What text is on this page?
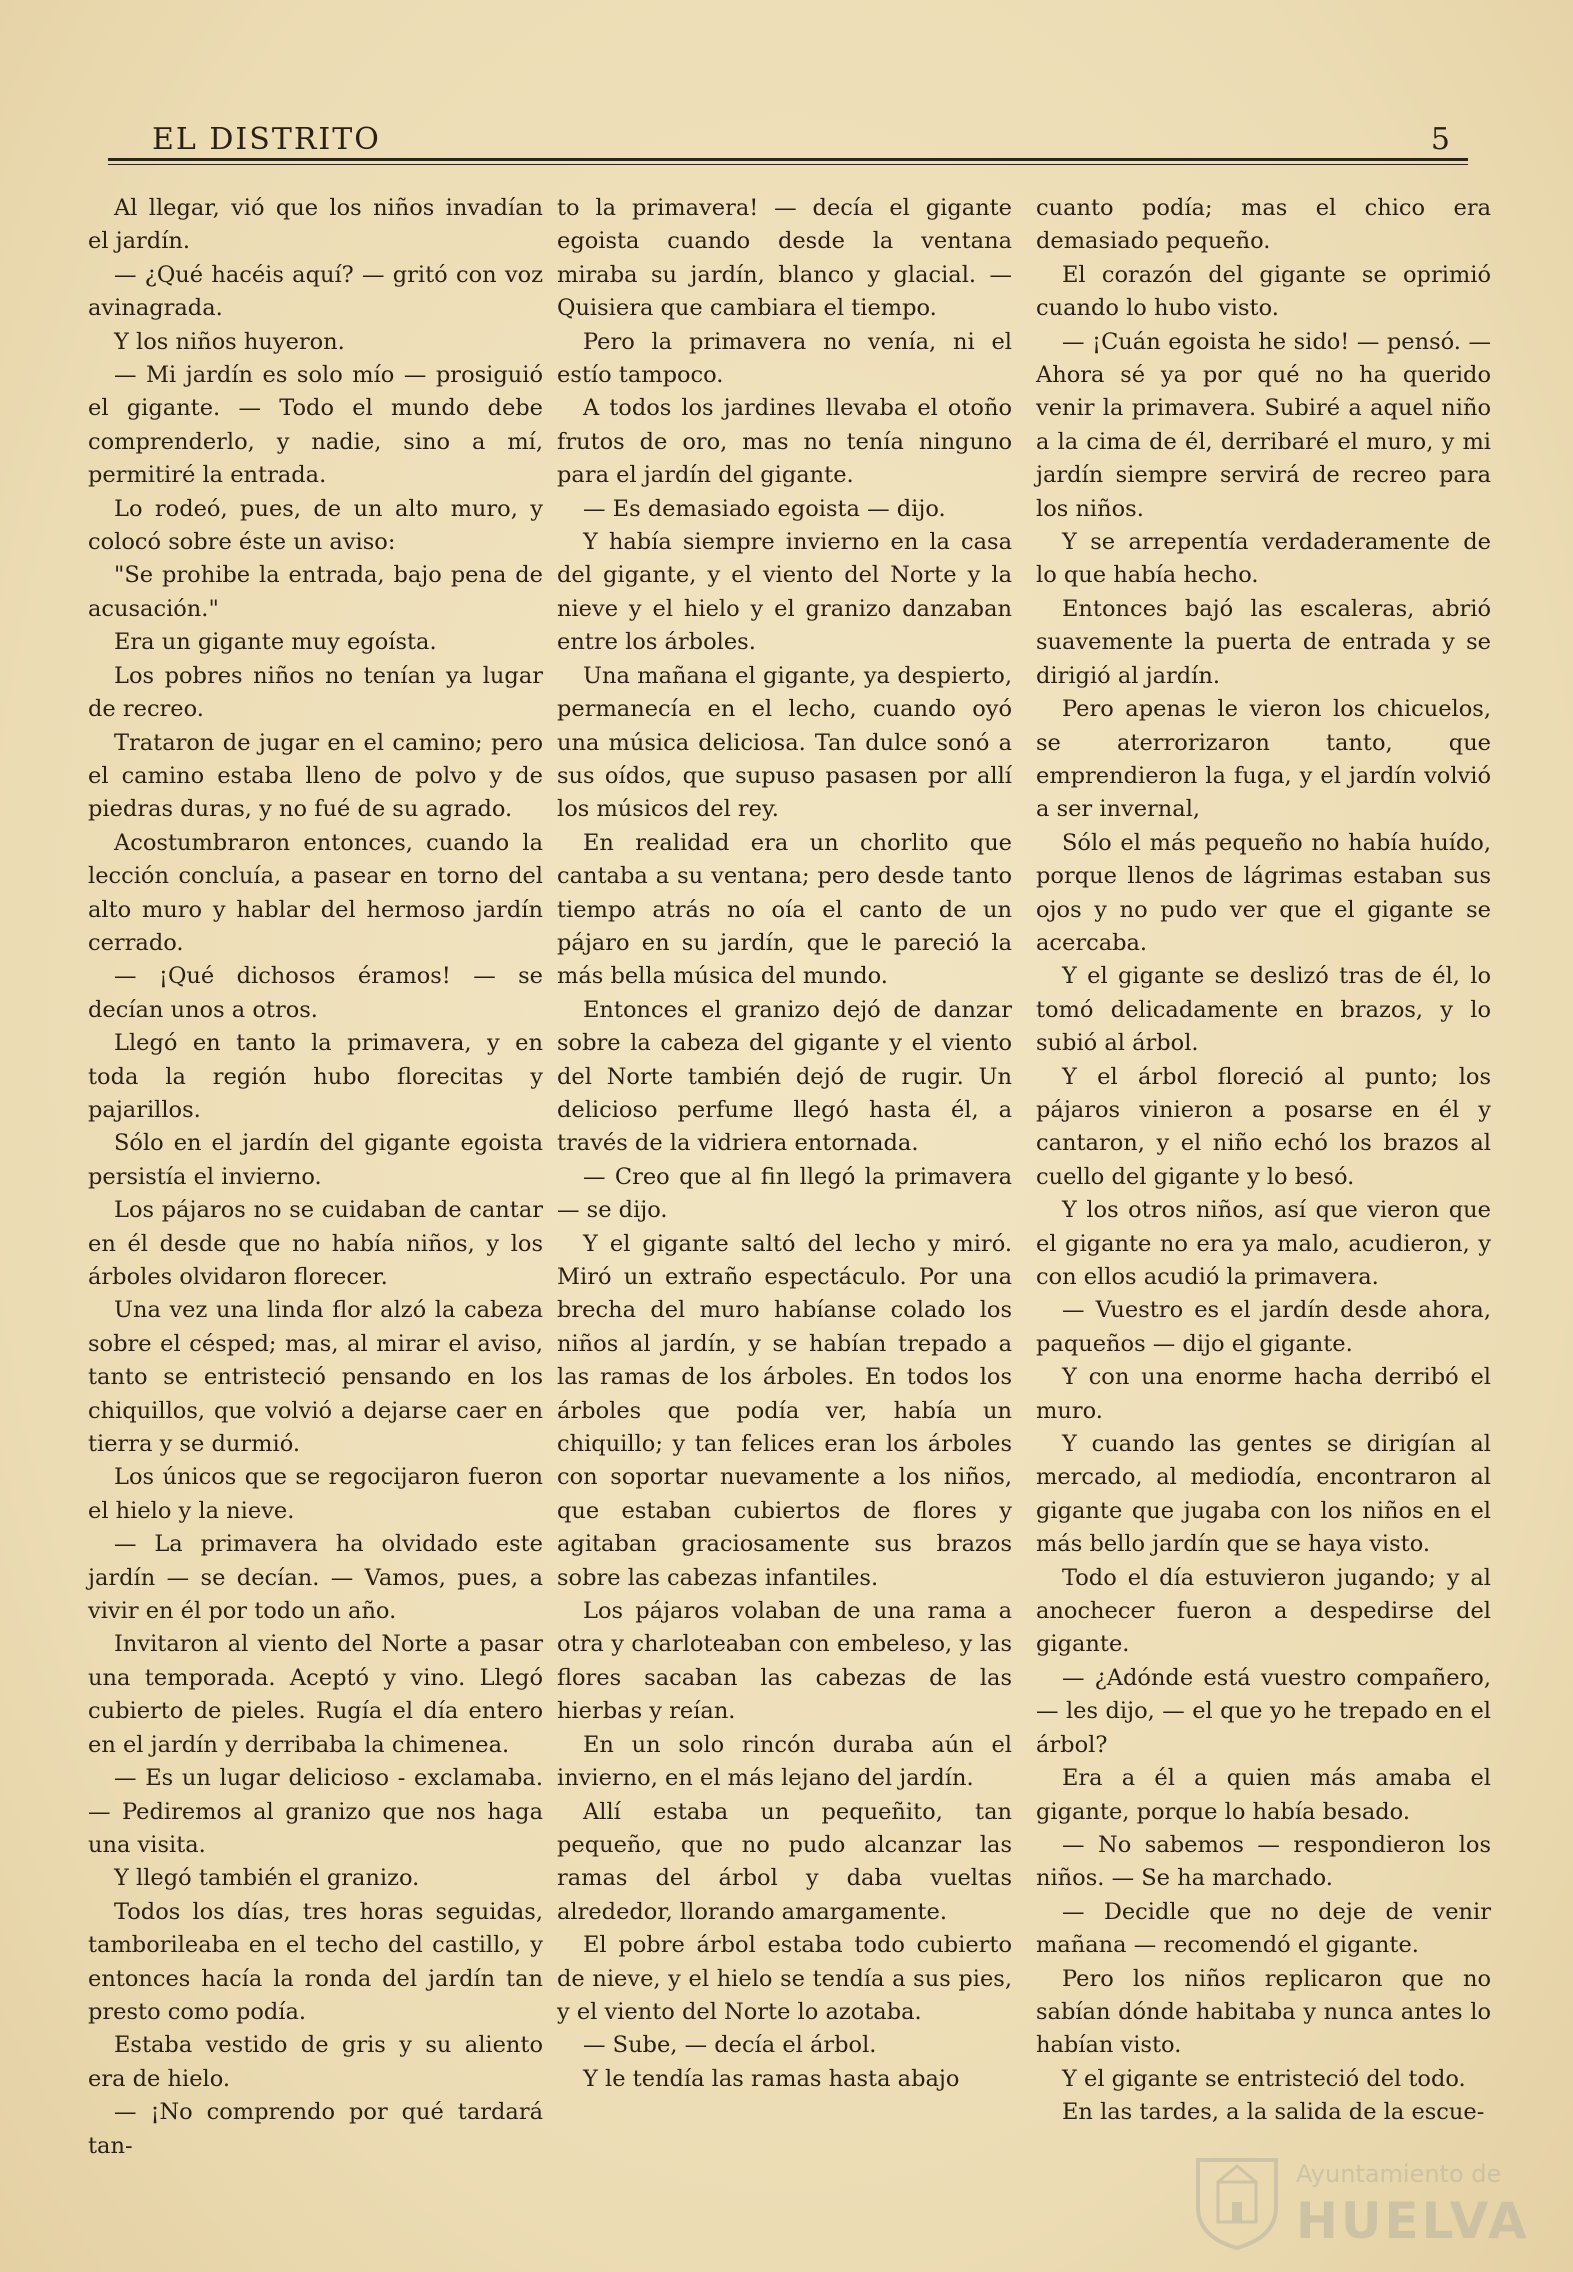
EL DISTRITO	5

Al llegar, vió que los niños invadían el jardín.

— ¿Qué hacéis aquí? — gritó con voz avinagrada.

Y los niños huyeron.

— Mi jardín es solo mío — prosiguió el gigante. — Todo el mundo debe comprenderlo, y nadie, sino a mí, permitiré la entrada.

Lo rodeó, pues, de un alto muro, y colocó sobre éste un aviso:

"Se prohibe la entrada, bajo pena de acusación."

Era un gigante muy egoísta.

Los pobres niños no tenían ya lugar de recreo.

Trataron de jugar en el camino; pero el camino estaba lleno de polvo y de piedras duras, y no fué de su agrado.

Acostumbraron entonces, cuando la lección concluía, a pasear en torno del alto muro y hablar del hermoso jardín cerrado.

— ¡Qué dichosos éramos! — se decían unos a otros.

Llegó en tanto la primavera, y en toda la región hubo florecitas y pajarillos.

Sólo en el jardín del gigante egoista persistía el invierno.

Los pájaros no se cuidaban de cantar en él desde que no había niños, y los árboles olvidaron florecer.

Una vez una linda flor alzó la cabeza sobre el césped; mas, al mirar el aviso, tanto se entristeció pensando en los chiquillos, que volvió a dejarse caer en tierra y se durmió.

Los únicos que se regocijaron fueron el hielo y la nieve.

— La primavera ha olvidado este jardín — se decían. — Vamos, pues, a vivir en él por todo un año.

Invitaron al viento del Norte a pasar una temporada. Aceptó y vino. Llegó cubierto de pieles. Rugía el día entero en el jardín y derribaba la chimenea.

— Es un lugar delicioso - exclamaba. — Pediremos al granizo que nos haga una visita.

Y llegó también el granizo.

Todos los días, tres horas seguidas, tamborileaba en el techo del castillo, y entonces hacía la ronda del jardín tan presto como podía.

Estaba vestido de gris y su aliento era de hielo.

— ¡No comprendo por qué tardará tan-

to la primavera! — decía el gigante egoista cuando desde la ventana miraba su jardín, blanco y glacial. — Quisiera que cambiara el tiempo.

Pero la primavera no venía, ni el estío tampoco.

A todos los jardines llevaba el otoño frutos de oro, mas no tenía ninguno para el jardín del gigante.

— Es demasiado egoista — dijo.

Y había siempre invierno en la casa del gigante, y el viento del Norte y la nieve y el hielo y el granizo danzaban entre los árboles.

Una mañana el gigante, ya despierto, permanecía en el lecho, cuando oyó una música deliciosa. Tan dulce sonó a sus oídos, que supuso pasasen por allí los músicos del rey.

En realidad era un chorlito que cantaba a su ventana; pero desde tanto tiempo atrás no oía el canto de un pájaro en su jardín, que le pareció la más bella música del mundo.

Entonces el granizo dejó de danzar sobre la cabeza del gigante y el viento del Norte también dejó de rugir. Un delicioso perfume llegó hasta él, a través de la vidriera entornada.

— Creo que al fin llegó la primavera — se dijo.

Y el gigante saltó del lecho y miró. Miró un extraño espectáculo. Por una brecha del muro habíanse colado los niños al jardín, y se habían trepado a las ramas de los árboles. En todos los árboles que podía ver, había un chiquillo; y tan felices eran los árboles con soportar nuevamente a los niños, que estaban cubiertos de flores y agitaban graciosamente sus brazos sobre las cabezas infantiles.

Los pájaros volaban de una rama a otra y charloteaban con embeleso, y las flores sacaban las cabezas de las hierbas y reían.

En un solo rincón duraba aún el invierno, en el más lejano del jardín.

Allí estaba un pequeñito, tan pequeño, que no pudo alcanzar las ramas del árbol y daba vueltas alrededor, llorando amargamente.

El pobre árbol estaba todo cubierto de nieve, y el hielo se tendía a sus pies, y el viento del Norte lo azotaba.

— Sube, — decía el árbol.

Y le tendía las ramas hasta abajo

cuanto podía; mas el chico era demasiado pequeño.

El corazón del gigante se oprimió cuando lo hubo visto.

— ¡Cuán egoista he sido! — pensó. — Ahora sé ya por qué no ha querido venir la primavera. Subiré a aquel niño a la cima de él, derribaré el muro, y mi jardín siempre servirá de recreo para los niños.

Y se arrepentía verdaderamente de lo que había hecho.

Entonces bajó las escaleras, abrió suavemente la puerta de entrada y se dirigió al jardín.

Pero apenas le vieron los chicuelos, se aterrorizaron tanto, que emprendieron la fuga, y el jardín volvió a ser invernal,

Sólo el más pequeño no había huído, porque llenos de lágrimas estaban sus ojos y no pudo ver que el gigante se acercaba.

Y el gigante se deslizó tras de él, lo tomó delicadamente en brazos, y lo subió al árbol.

Y el árbol floreció al punto; los pájaros vinieron a posarse en él y cantaron, y el niño echó los brazos al cuello del gigante y lo besó.

Y los otros niños, así que vieron que el gigante no era ya malo, acudieron, y con ellos acudió la primavera.

— Vuestro es el jardín desde ahora, paqueños — dijo el gigante.

Y con una enorme hacha derribó el muro.

Y cuando las gentes se dirigían al mercado, al mediodía, encontraron al gigante que jugaba con los niños en el más bello jardín que se haya visto.

Todo el día estuvieron jugando; y al anochecer fueron a despedirse del gigante.

— ¿Adónde está vuestro compañero, — les dijo, — el que yo he trepado en el árbol?

Era a él a quien más amaba el gigante, porque lo había besado.

— No sabemos — respondieron los niños. — Se ha marchado.

— Decidle que no deje de venir mañana — recomendó el gigante.

Pero los niños replicaron que no sabían dónde habitaba y nunca antes lo habían visto.

Y el gigante se entristeció del todo.

En las tardes, a la salida de la escue-

Ayuntamiento de
HUELVA
